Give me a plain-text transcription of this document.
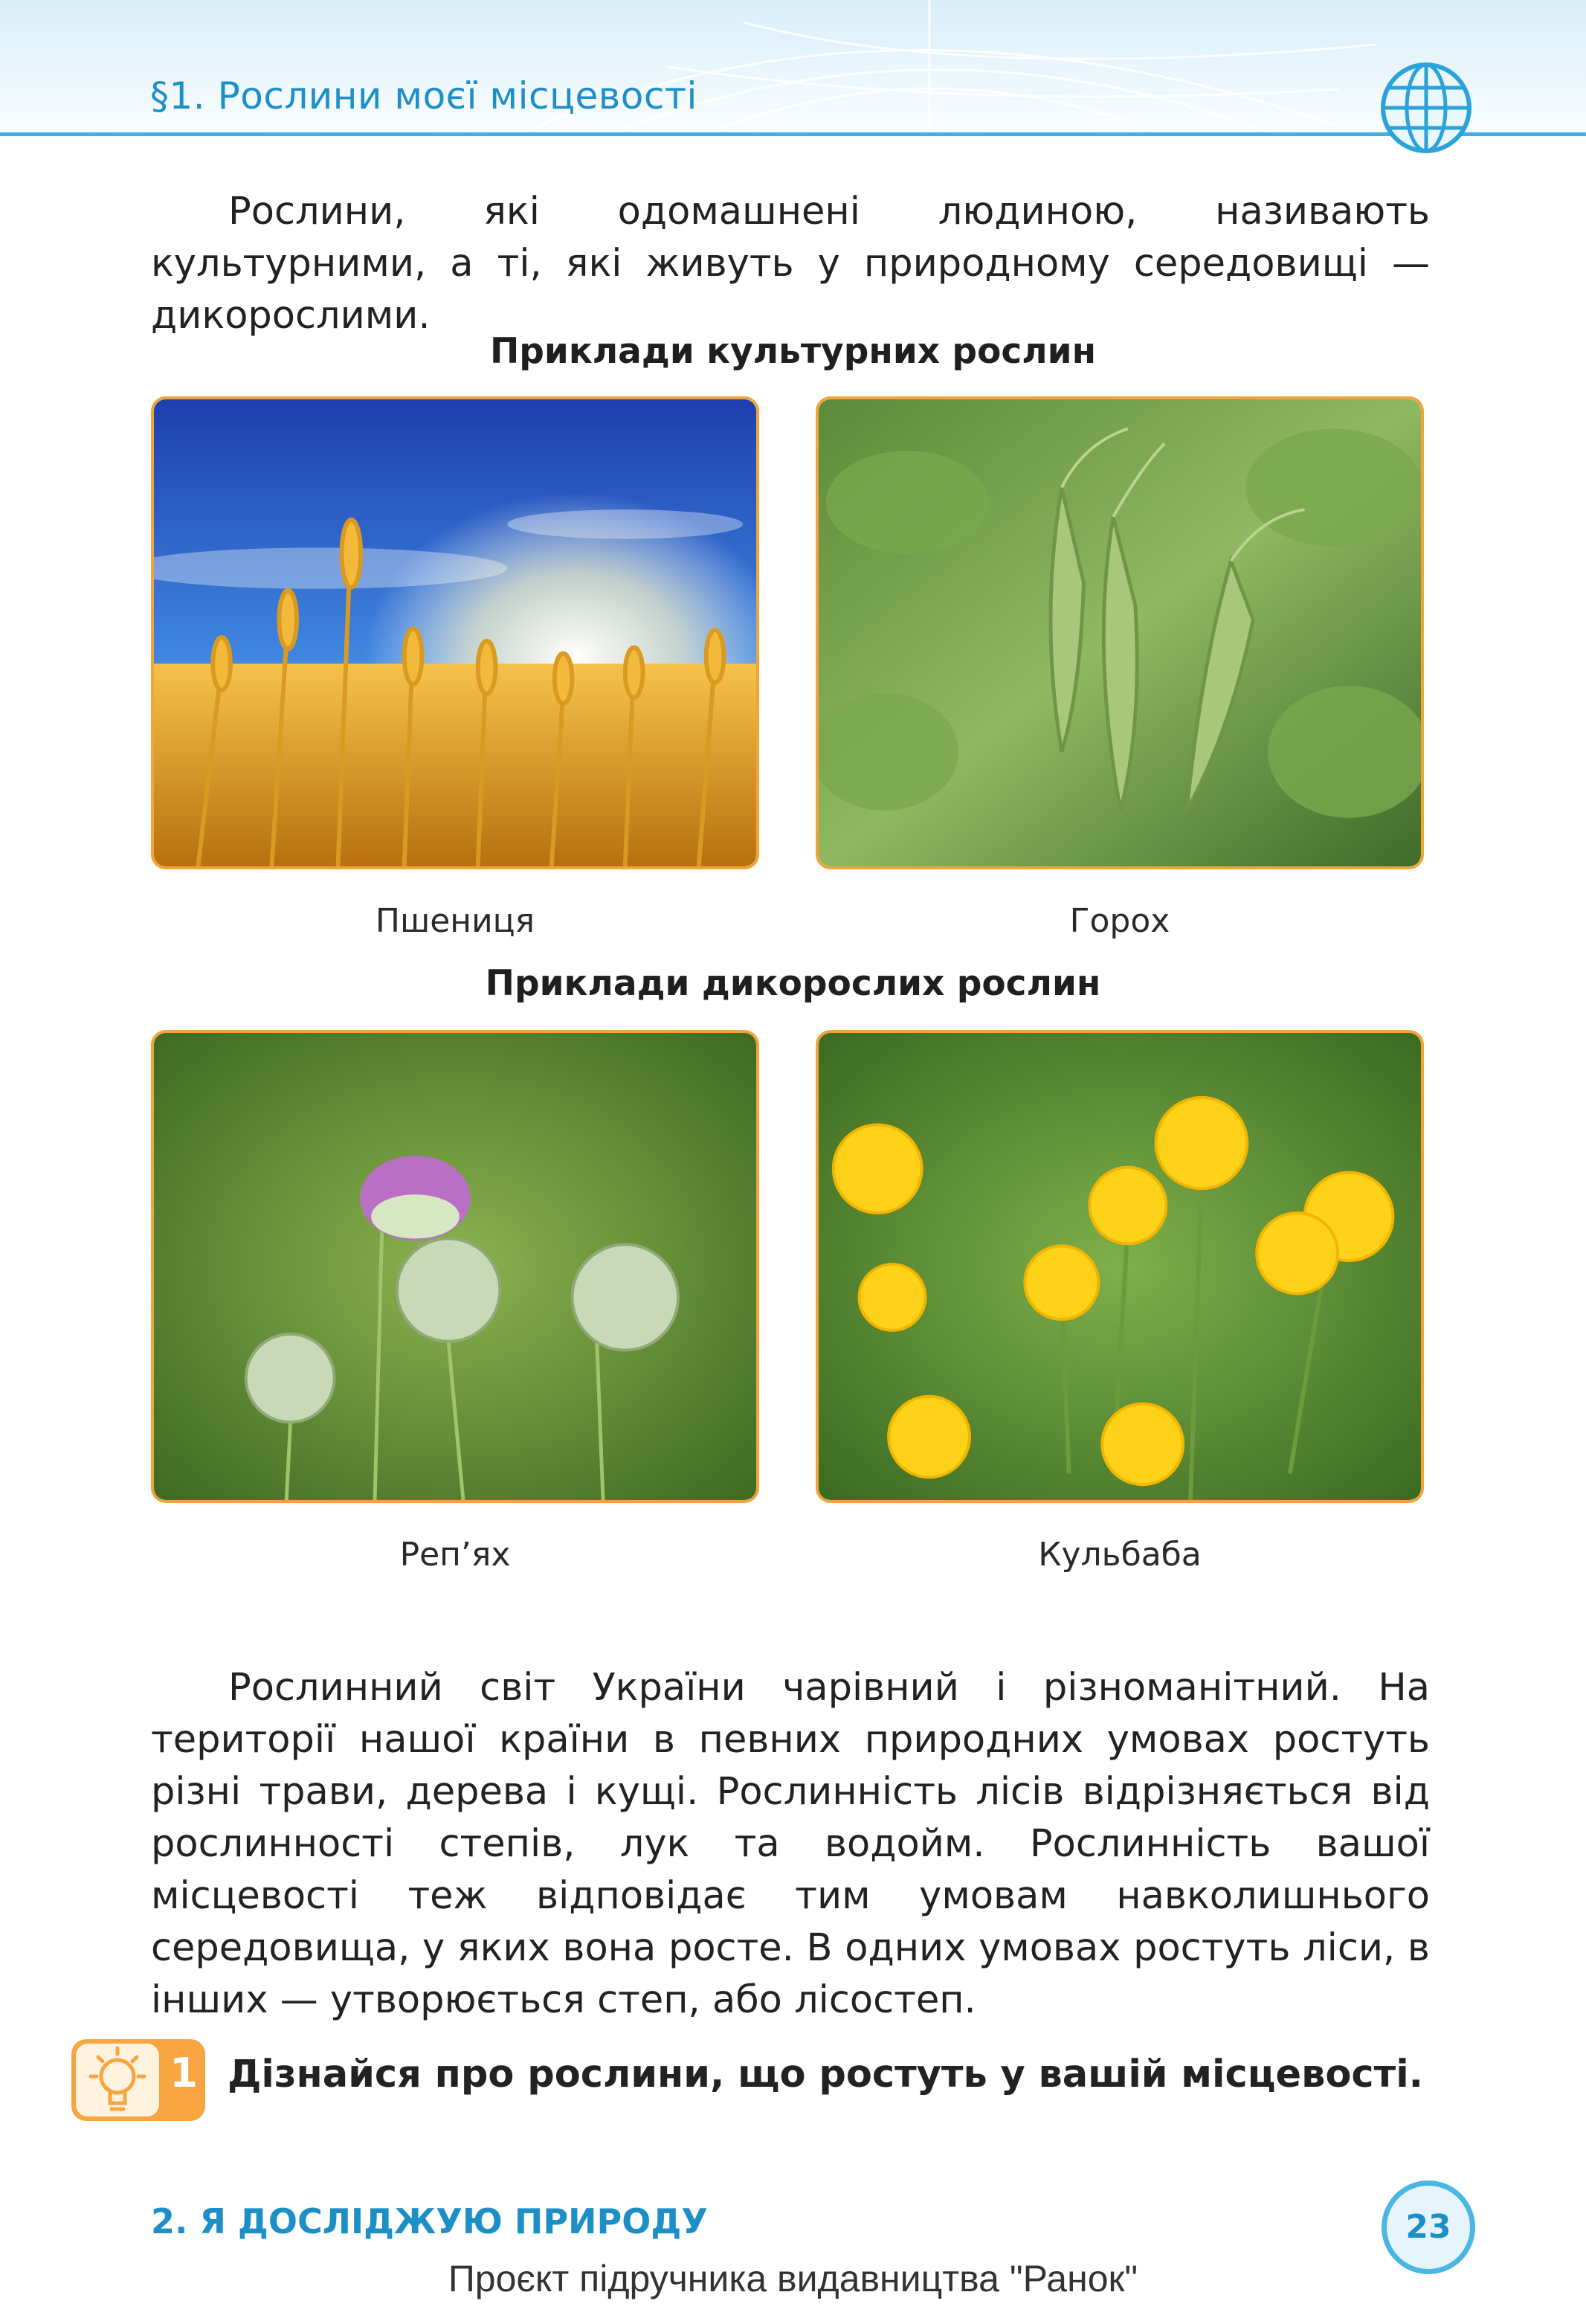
§1. Рослини моєї місцевості
Рослини, які одомашнені людиною, називають культурними, а ті, які живуть у природному середовищі — дикорослими.
Приклади культурних рослин
Пшениця	Горох
Приклади дикорослих рослин
Реп’ях	Кульбаба
Рослинний світ України чарівний і різноманітний. На території нашої країни в певних природних умовах ростуть різні трави, дерева і кущі. Рослинність лісів відрізняється від рослинності степів, лук та водойм. Рослинність вашої місцевості теж відповідає тим умовам навколишнього середовища, у яких вона росте. В одних умовах ростуть ліси, в інших — утворюється степ, або лісостеп.
1 Дізнайся про рослини, що ростуть у вашій місцевості.
2. Я ДОСЛІДЖУЮ ПРИРОДУ	23
Проєкт підручника видавництва "Ранок"
